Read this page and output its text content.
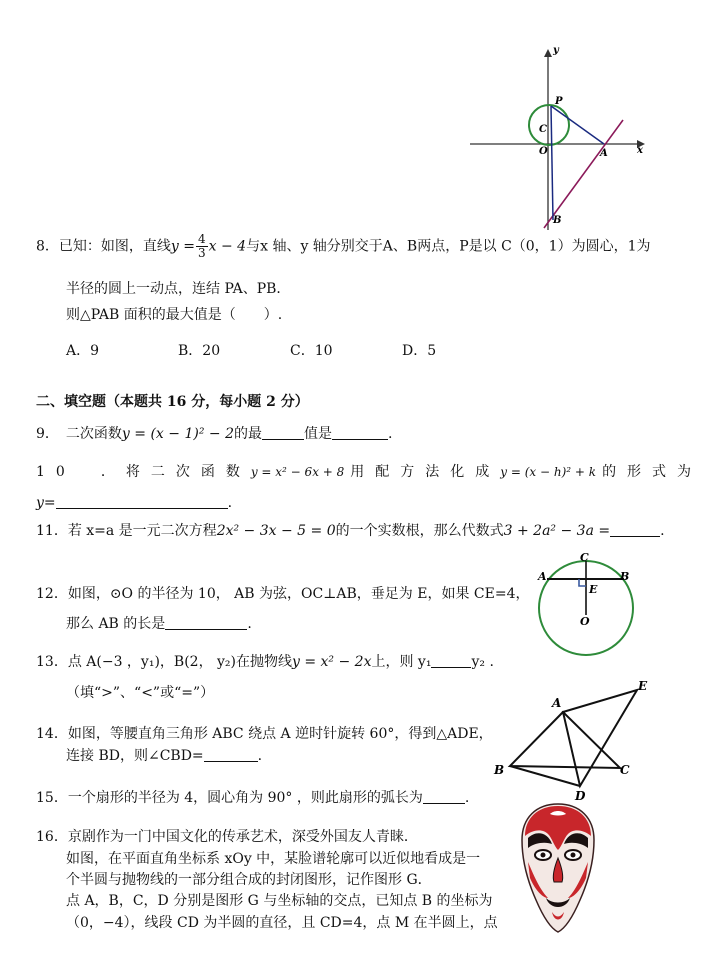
y
x
P
C
O	A
B
8．已知：如图，直线$y = \frac{4}{3}$ x − 4与x 轴、y 轴分别交于A、B两点，P是以 C（0，1）为圆心，1为
半径的圆上一动点，连结 PA、PB．
则△PAB 面积的最大值是（　　）.
A．9	B．20	C．10	D．5
二、填空题（本题共 16 分，每小题 2 分）
9．　二次函数y = (x − 1)² − 2的最	值是	.
10　．将二次函数y = x² − 6x + 8 用配方法化成y = (x − h)² + k 的形式为
y=	.
11．若 x=a 是一元二次方程2x² − 3x − 5 = 0的一个实数根，那么代数式3 + 2a² − 3a =	.
12．如图，⊙O 的半径为 10， AB 为弦，OC⊥AB，垂足为 E，如果 CE=4，
那么 AB 的长是	.
C
A	B
E
O
13．点 A(−3 ，y₁)，B(2， y₂)在抛物线y = x² − 2x上，则 y₁	y₂ .
（填“>”、“<”或“=”）
14．如图，等腰直角三角形 ABC 绕点 A 逆时针旋转 60°，得到△ADE，
连接 BD，则∠CBD=	.
A
E
B	C
D
15．一个扇形的半径为 4，圆心角为 90° ，则此扇形的弧长为	.
16．京剧作为一门中国文化的传承艺术，深受外国友人青睐．
如图，在平面直角坐标系 xOy 中，某脸谱轮廓可以近似地看成是一
个半圆与抛物线的一部分组合成的封闭图形，记作图形 G．
点 A，B，C，D 分别是图形 G 与坐标轴的交点，已知点 B 的坐标为
（0，−4），线段 CD 为半圆的直径，且 CD=4，点 M 在半圆上，点
